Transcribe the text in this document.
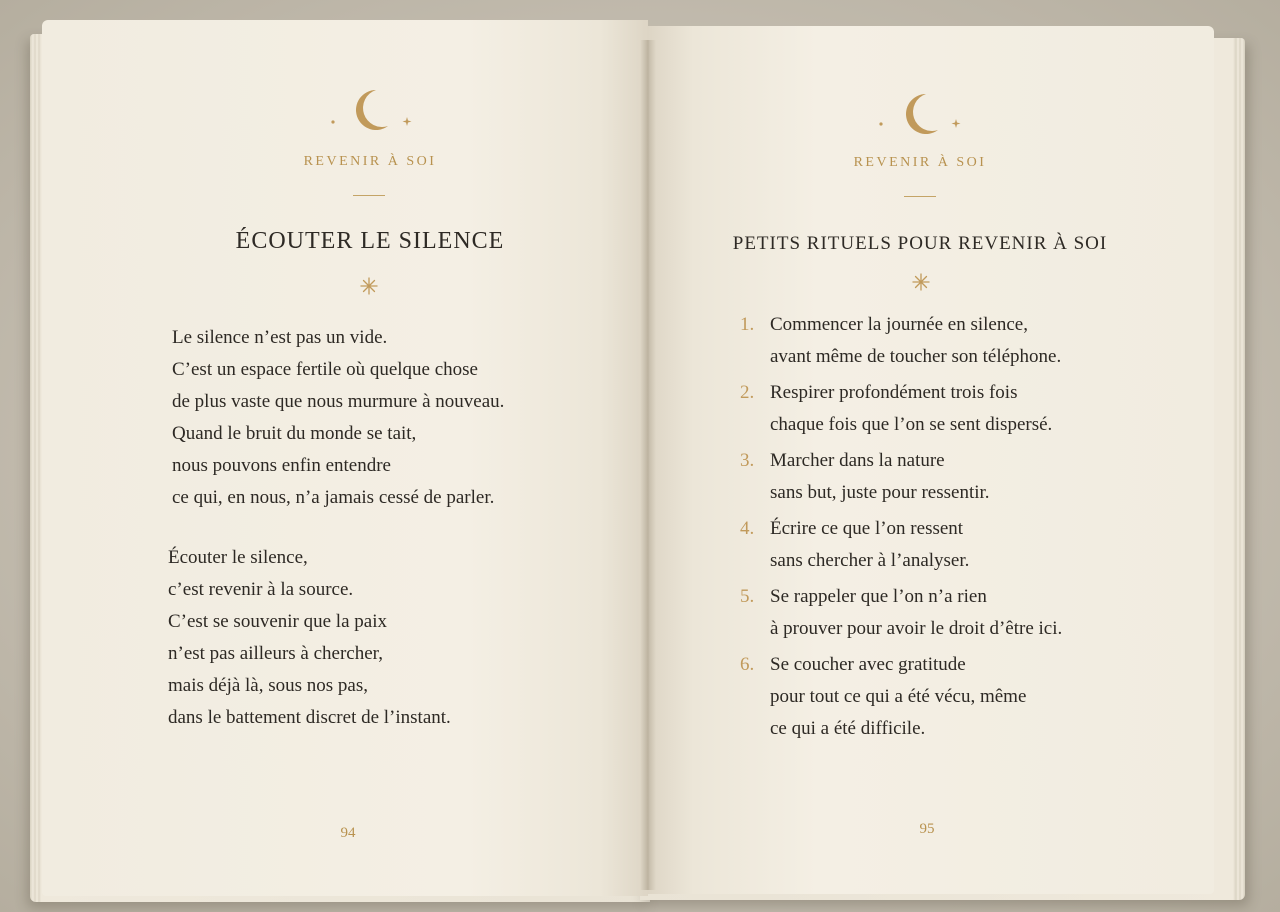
REVENIR À SOI
ÉCOUTER LE SILENCE
Le silence n’est pas un vide.
C’est un espace fertile où quelque chose
de plus vaste que nous murmure à nouveau.
Quand le bruit du monde se tait,
nous pouvons enfin entendre
ce qui, en nous, n’a jamais cessé de parler.
Écouter le silence,
c’est revenir à la source.
C’est se souvenir que la paix
n’est pas ailleurs à chercher,
mais déjà là, sous nos pas,
dans le battement discret de l’instant.
94
REVENIR À SOI
PETITS RITUELS POUR REVENIR À SOI
1. Commencer la journée en silence,
avant même de toucher son téléphone.
2. Respirer profondément trois fois
chaque fois que l’on se sent dispersé.
3. Marcher dans la nature
sans but, juste pour ressentir.
4. Écrire ce que l’on ressent
sans chercher à l’analyser.
5. Se rappeler que l’on n’a rien
à prouver pour avoir le droit d’être ici.
6. Se coucher avec gratitude
pour tout ce qui a été vécu, même
ce qui a été difficile.
95
